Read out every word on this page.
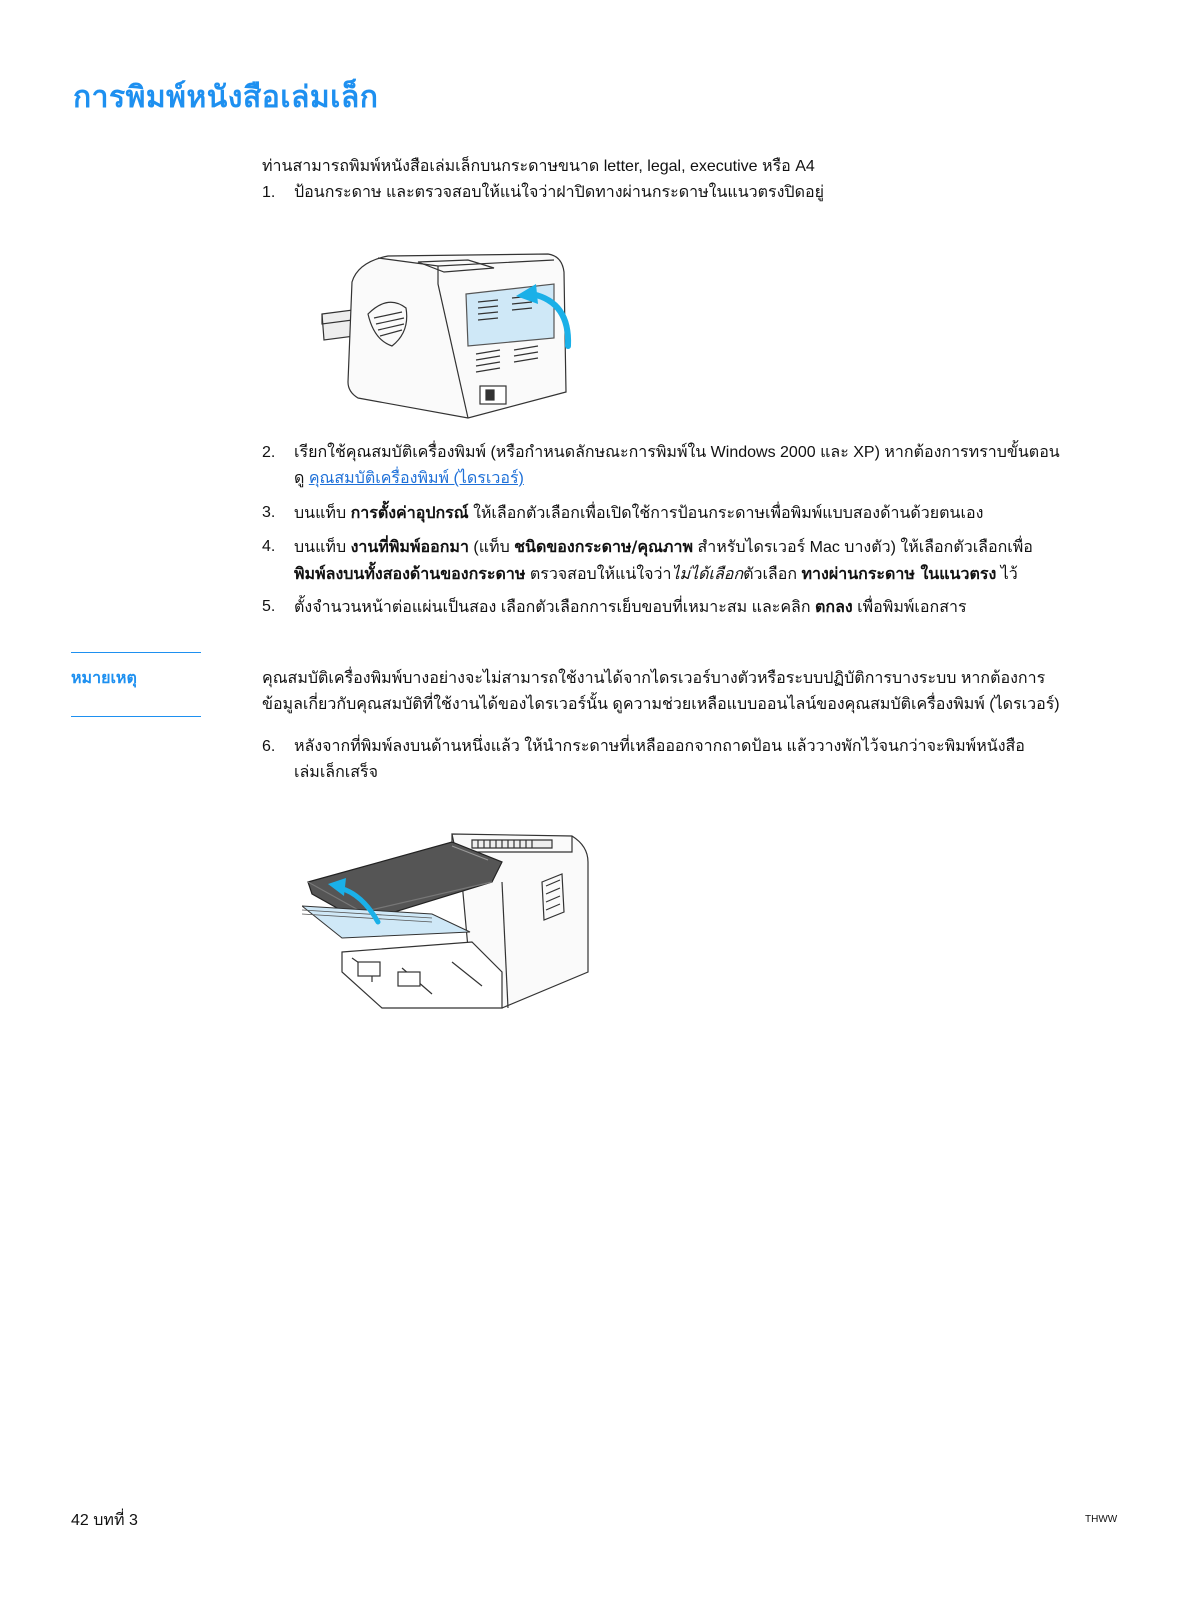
การพิมพ์หนังสือเล่มเล็ก
ท่านสามารถพิมพ์หนังสือเล่มเล็กบนกระดาษขนาด letter, legal, executive หรือ A4
1.	ป้อนกระดาษ และตรวจสอบให้แน่ใจว่าฝาปิดทางผ่านกระดาษในแนวตรงปิดอยู่
2.	เรียกใช้คุณสมบัติเครื่องพิมพ์ (หรือกำหนดลักษณะการพิมพ์ใน Windows 2000 และ XP) หากต้องการทราบขั้นตอน
ดู คุณสมบัติเครื่องพิมพ์ (ไดรเวอร์)
3.	บนแท็บ การตั้งค่าอุปกรณ์ ให้เลือกตัวเลือกเพื่อเปิดใช้การป้อนกระดาษเพื่อพิมพ์แบบสองด้านด้วยตนเอง
4.	บนแท็บ งานที่พิมพ์ออกมา (แท็บ ชนิดของกระดาษ/คุณภาพ สำหรับไดรเวอร์ Mac บางตัว) ให้เลือกตัวเลือกเพื่อ
พิมพ์ลงบนทั้งสองด้านของกระดาษ ตรวจสอบให้แน่ใจว่าไม่ได้เลือกตัวเลือก ทางผ่านกระดาษ ในแนวตรง ไว้
5.	ตั้งจำนวนหน้าต่อแผ่นเป็นสอง เลือกตัวเลือกการเย็บขอบที่เหมาะสม และคลิก ตกลง เพื่อพิมพ์เอกสาร
หมายเหตุ	คุณสมบัติเครื่องพิมพ์บางอย่างจะไม่สามารถใช้งานได้จากไดรเวอร์บางตัวหรือระบบปฏิบัติการบางระบบ หากต้องการ
ข้อมูลเกี่ยวกับคุณสมบัติที่ใช้งานได้ของไดรเวอร์นั้น ดูความช่วยเหลือแบบออนไลน์ของคุณสมบัติเครื่องพิมพ์ (ไดรเวอร์)
6.	หลังจากที่พิมพ์ลงบนด้านหนึ่งแล้ว ให้นำกระดาษที่เหลือออกจากถาดป้อน แล้ววางพักไว้จนกว่าจะพิมพ์หนังสือ
เล่มเล็กเสร็จ
42 บทที่ 3	THWW
